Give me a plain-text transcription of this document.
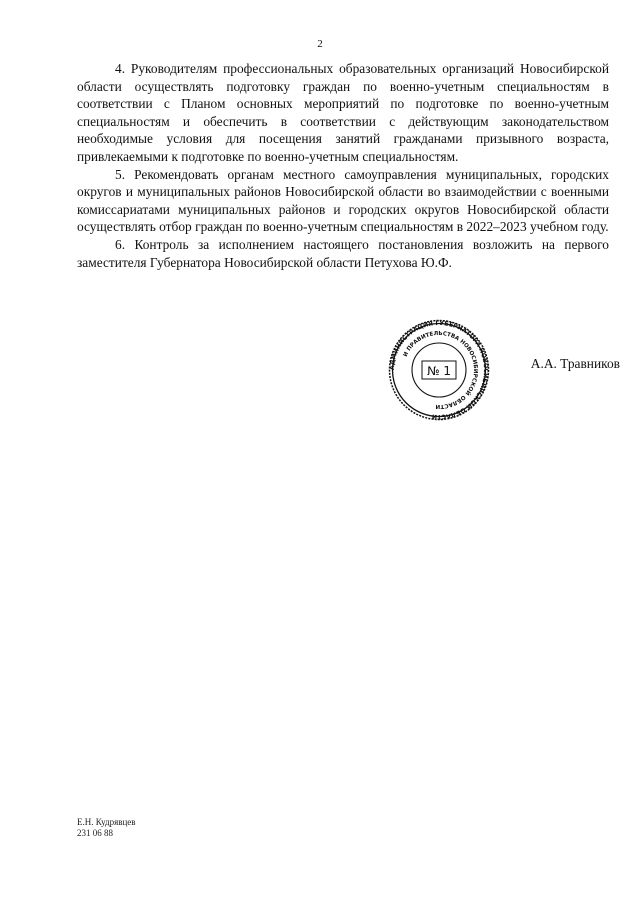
2

4. Руководителям профессиональных образовательных организаций Новосибирской области осуществлять подготовку граждан по военно-учетным специальностям в соответствии с Планом основных мероприятий по подготовке по военно-учетным специальностям и обеспечить в соответствии с действующим законодательством необходимые условия для посещения занятий гражданами призывного возраста, привлекаемыми к подготовке по военно-учетным специальностям.

5. Рекомендовать органам местного самоуправления муниципальных, городских округов и муниципальных районов Новосибирской области во взаимодействии с военными комиссариатами муниципальных районов и городских округов Новосибирской области осуществлять отбор граждан по военно-учетным специальностям в 2022–2023 учебном году.

6. Контроль за исполнением настоящего постановления возложить на первого заместителя Губернатора Новосибирской области Петухова Ю.Ф.

АДМИНИСТРАЦИЯ ГУБЕРНАТОРА НОВОСИБИРСКОЙ ОБЛАСТИ
И ПРАВИТЕЛЬСТВА НОВОСИБИРСКОЙ ОБЛАСТИ
№ 1	А.А. Травников
Е.Н. Кудрявцев
231 06 88
